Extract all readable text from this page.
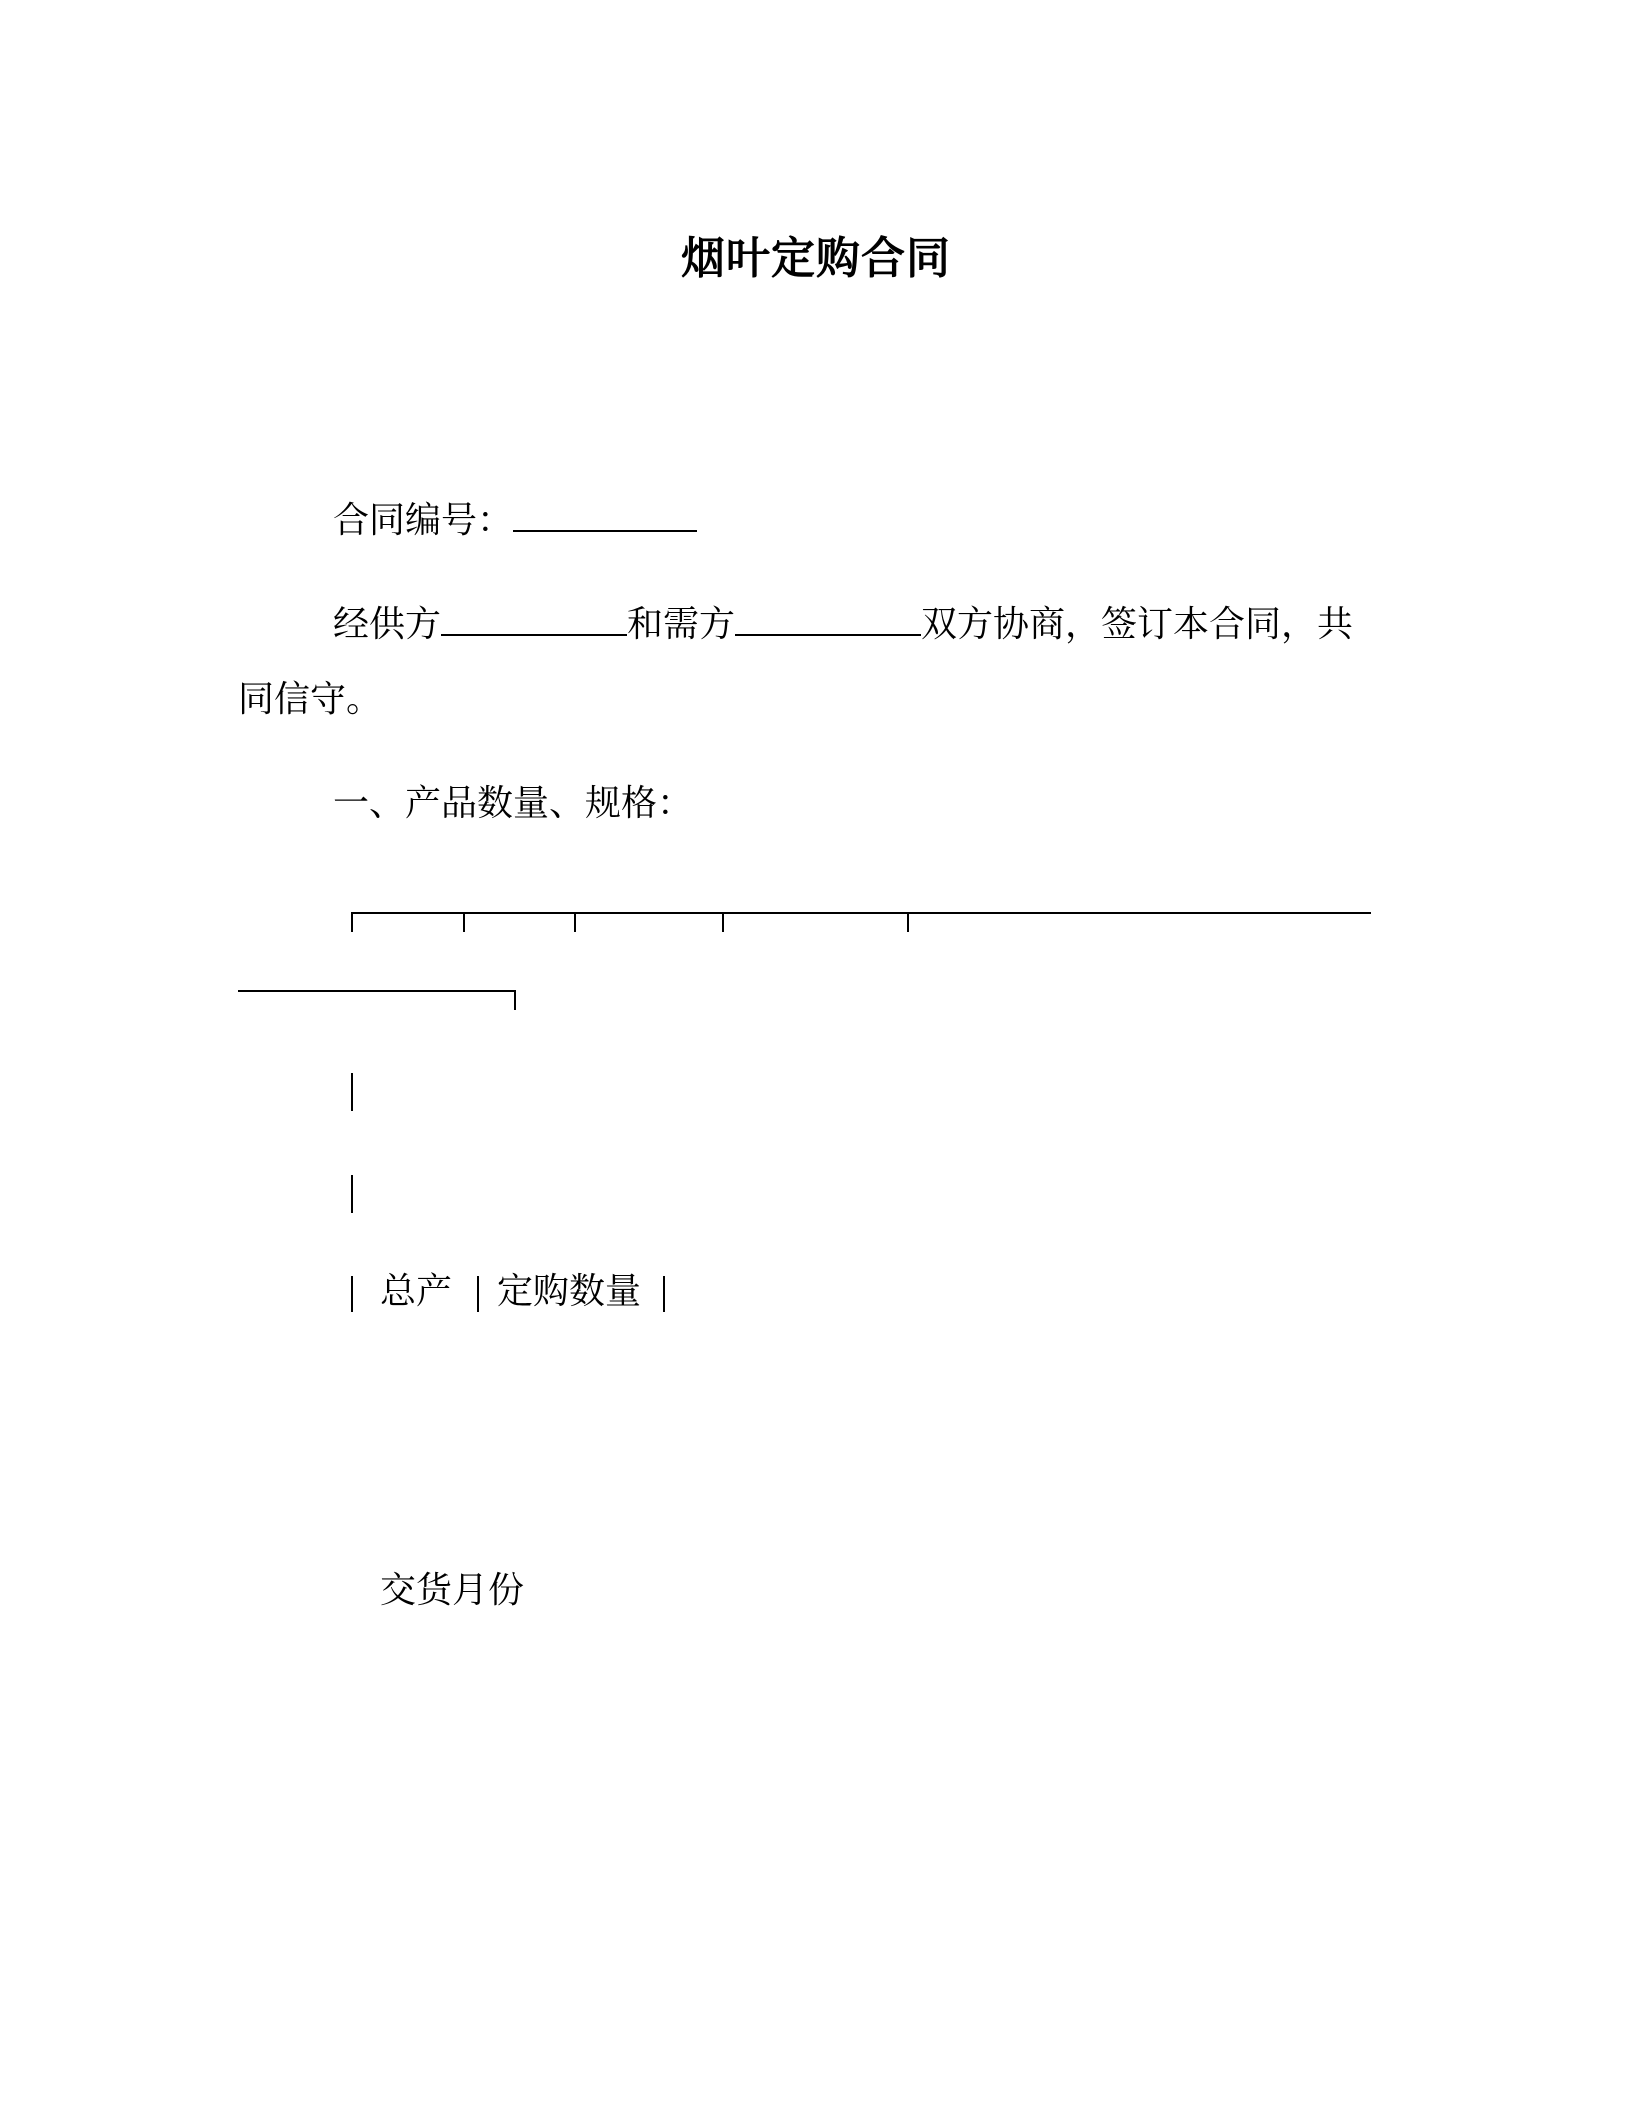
烟叶定购合同
合同编号：
经供方	和需方	双方协商，签订本合同，共
同信守。
一、产品数量、规格：
总产 定购数量
交货月份
